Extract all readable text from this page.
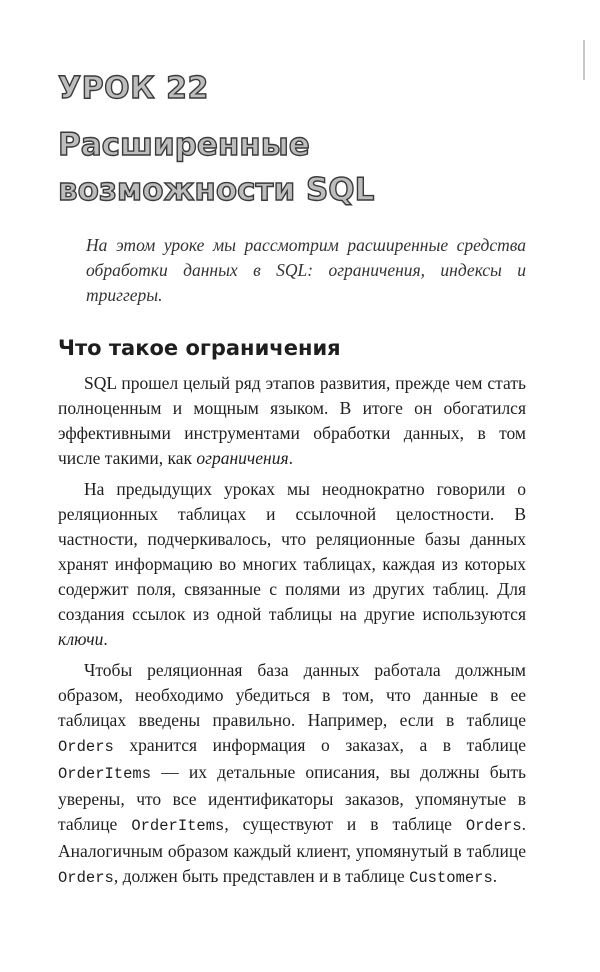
УРОК 22
Расширенные возможности SQL

На этом уроке мы рассмотрим расширенные средства обработки данных в SQL: ограничения, индексы и триггеры.

Что такое ограничения

SQL прошел целый ряд этапов развития, прежде чем стать полноценным и мощным языком. В итоге он обогатился эффективными инструментами обработки данных, в том числе такими, как ограничения.

На предыдущих уроках мы неоднократно говорили о реляционных таблицах и ссылочной целостности. В частности, подчеркивалось, что реляционные базы данных хранят информацию во многих таблицах, каждая из которых содержит поля, связанные с полями из других таблиц. Для создания ссылок из одной таблицы на другие используются ключи.

Чтобы реляционная база данных работала должным образом, необходимо убедиться в том, что данные в ее таблицах введены правильно. Например, если в таблице Orders хранится информация о заказах, а в таблице OrderItems — их детальные описания, вы должны быть уверены, что все идентификаторы заказов, упомянутые в таблице OrderItems, существуют и в таблице Orders. Аналогичным образом каждый клиент, упомянутый в таблице Orders, должен быть представлен и в таблице Customers.
